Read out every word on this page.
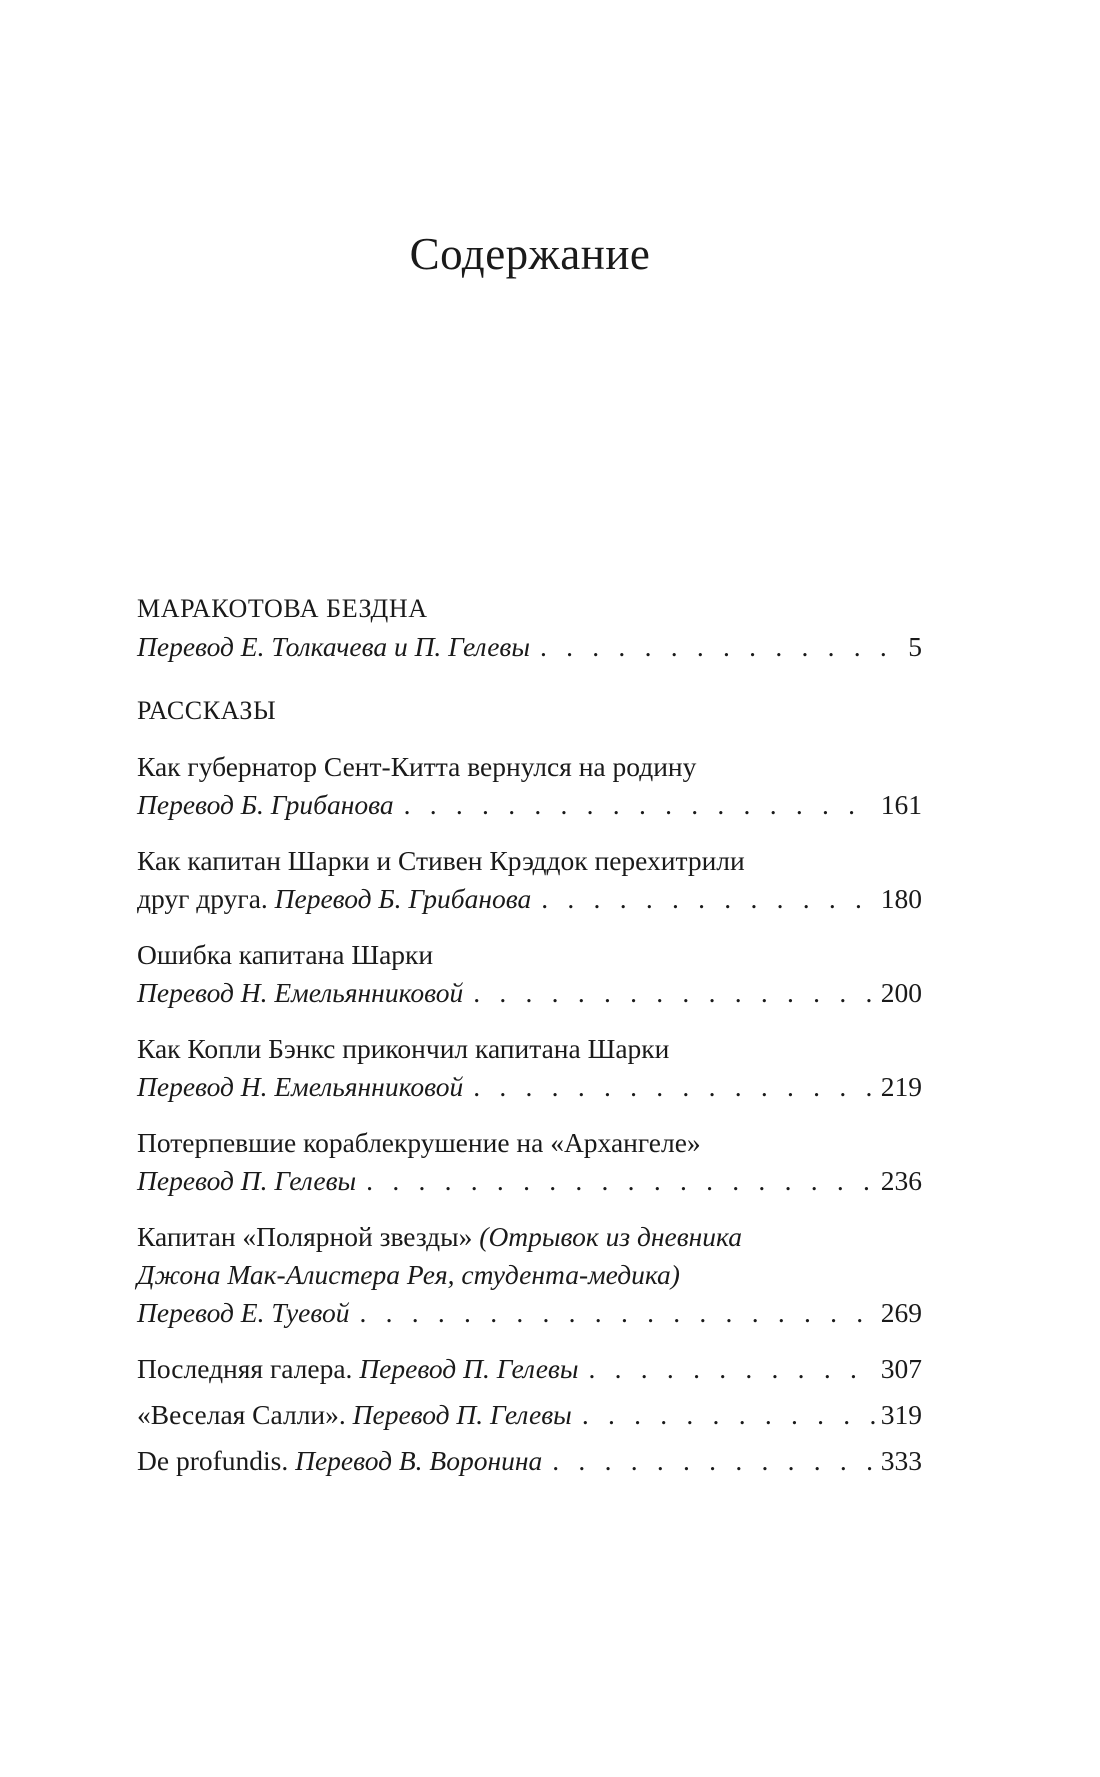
Содержание
МАРАКОТОВА БЕЗДНА
Перевод Е. Толкачева и П. Гелевы . . .	5
РАССКАЗЫ
Как губернатор Сент-Китта вернулся на родину
Перевод Б. Грибанова . . .	161
Как капитан Шарки и Стивен Крэддок перехитрили
друг друга.
Перевод Б. Грибанова . . .	180
Ошибка капитана Шарки
Перевод Н. Емельянниковой . . .	200
Как Копли Бэнкс прикончил капитана Шарки
Перевод Н. Емельянниковой . . .	219
Потерпевшие кораблекрушение на «Архангеле»
Перевод П. Гелевы . . .	236
Капитан «Полярной звезды» (Отрывок из дневника
Джона Мак-Алистера Рея, студента-медика)
Перевод Е. Туевой . . .	269
Последняя галера.
Перевод П. Гелевы . . .	307
«Веселая Салли».
Перевод П. Гелевы . . .	319
De profundis.
Перевод В. Воронина . . .	333
